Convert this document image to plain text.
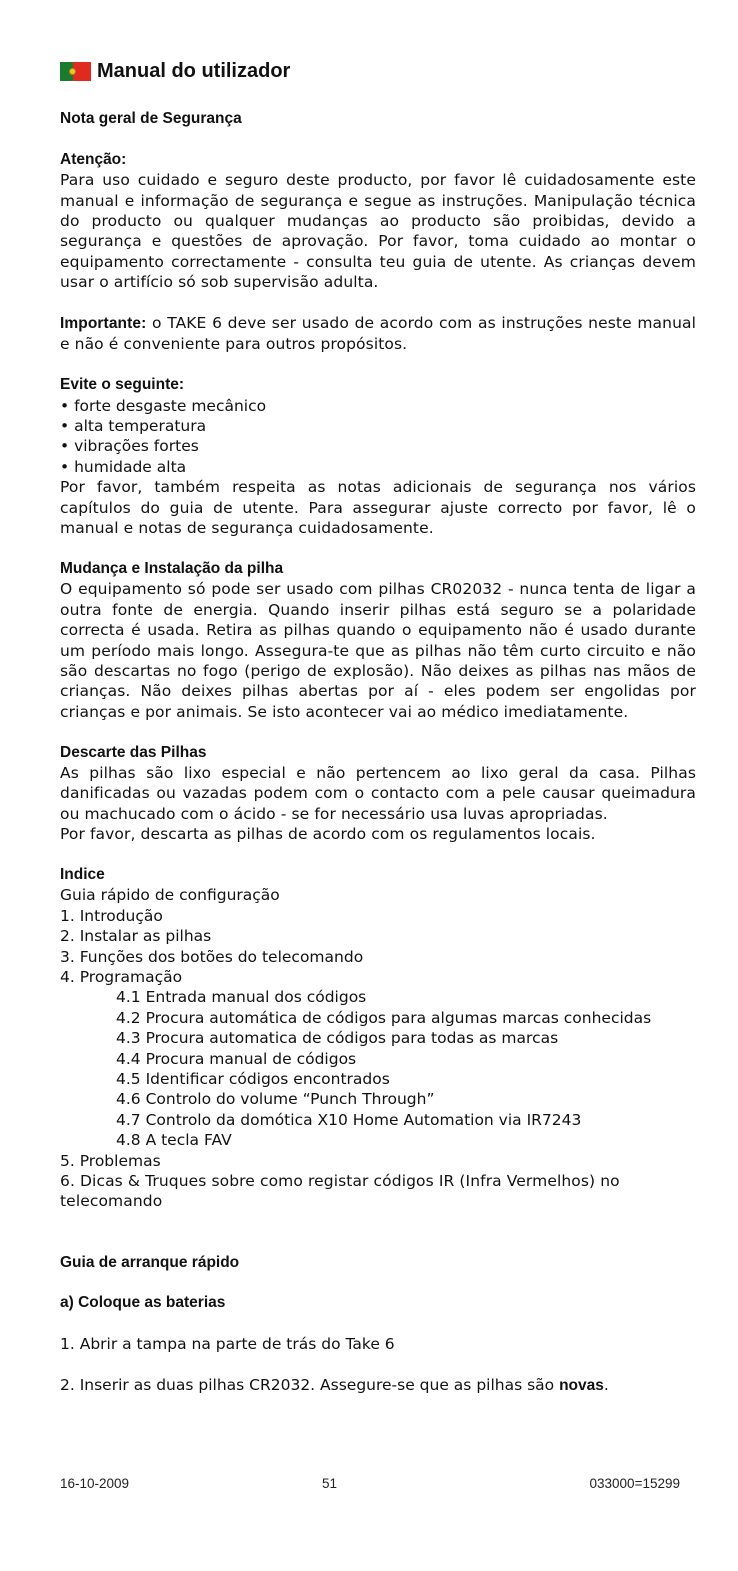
Manual do utilizador

Nota geral de Segurança

Atenção:

Para uso cuidado e seguro deste producto, por favor lê cuidadosamente este manual e informação de segurança e segue as instruções. Manipulação técnica do producto ou qualquer mudanças ao producto são proibidas, devido a segurança e questões de aprovação. Por favor, toma cuidado ao montar o equipamento correctamente - consulta teu guia de utente. As crianças devem usar o artifício só sob supervisão adulta.

Importante: o TAKE 6 deve ser usado de acordo com as instruções neste manual e não é conveniente para outros propósitos.

Evite o seguinte:

• forte desgaste mecânico

• alta temperatura

• vibrações fortes

• humidade alta

Por favor, também respeita as notas adicionais de segurança nos vários capítulos do guia de utente. Para assegurar ajuste correcto por favor, lê o manual e notas de segurança cuidadosamente.

Mudança e Instalação da pilha

O equipamento só pode ser usado com pilhas CR02032 - nunca tenta de ligar a outra fonte de energia. Quando inserir pilhas está seguro se a polaridade correcta é usada. Retira as pilhas quando o equipamento não é usado durante um período mais longo. Assegura-te que as pilhas não têm curto circuito e não são descartas no fogo (perigo de explosão). Não deixes as pilhas nas mãos de crianças. Não deixes pilhas abertas por aí - eles podem ser engolidas por crianças e por animais. Se isto acontecer vai ao médico imediatamente.

Descarte das Pilhas

As pilhas são lixo especial e não pertencem ao lixo geral da casa. Pilhas danificadas ou vazadas podem com o contacto com a pele causar queimadura ou machucado com o ácido - se for necessário usa luvas apropriadas.

Por favor, descarta as pilhas de acordo com os regulamentos locais.

Indice

Guia rápido de configuração

1. Introdução

2. Instalar as pilhas

3. Funções dos botões do telecomando

4. Programação

4.1 Entrada manual dos códigos

4.2 Procura automática de códigos para algumas marcas conhecidas

4.3 Procura automatica de códigos para todas as marcas

4.4 Procura manual de códigos

4.5 Identificar códigos encontrados

4.6 Controlo do volume “Punch Through”

4.7 Controlo da domótica X10 Home Automation via IR7243

4.8 A tecla FAV

5. Problemas

6. Dicas & Truques sobre como registar códigos IR (Infra Vermelhos) no telecomando

Guia de arranque rápido

a) Coloque as baterias

1. Abrir a tampa na parte de trás do Take 6

2. Inserir as duas pilhas CR2032. Assegure-se que as pilhas são novas.

16-10-2009	51	033000=15299
